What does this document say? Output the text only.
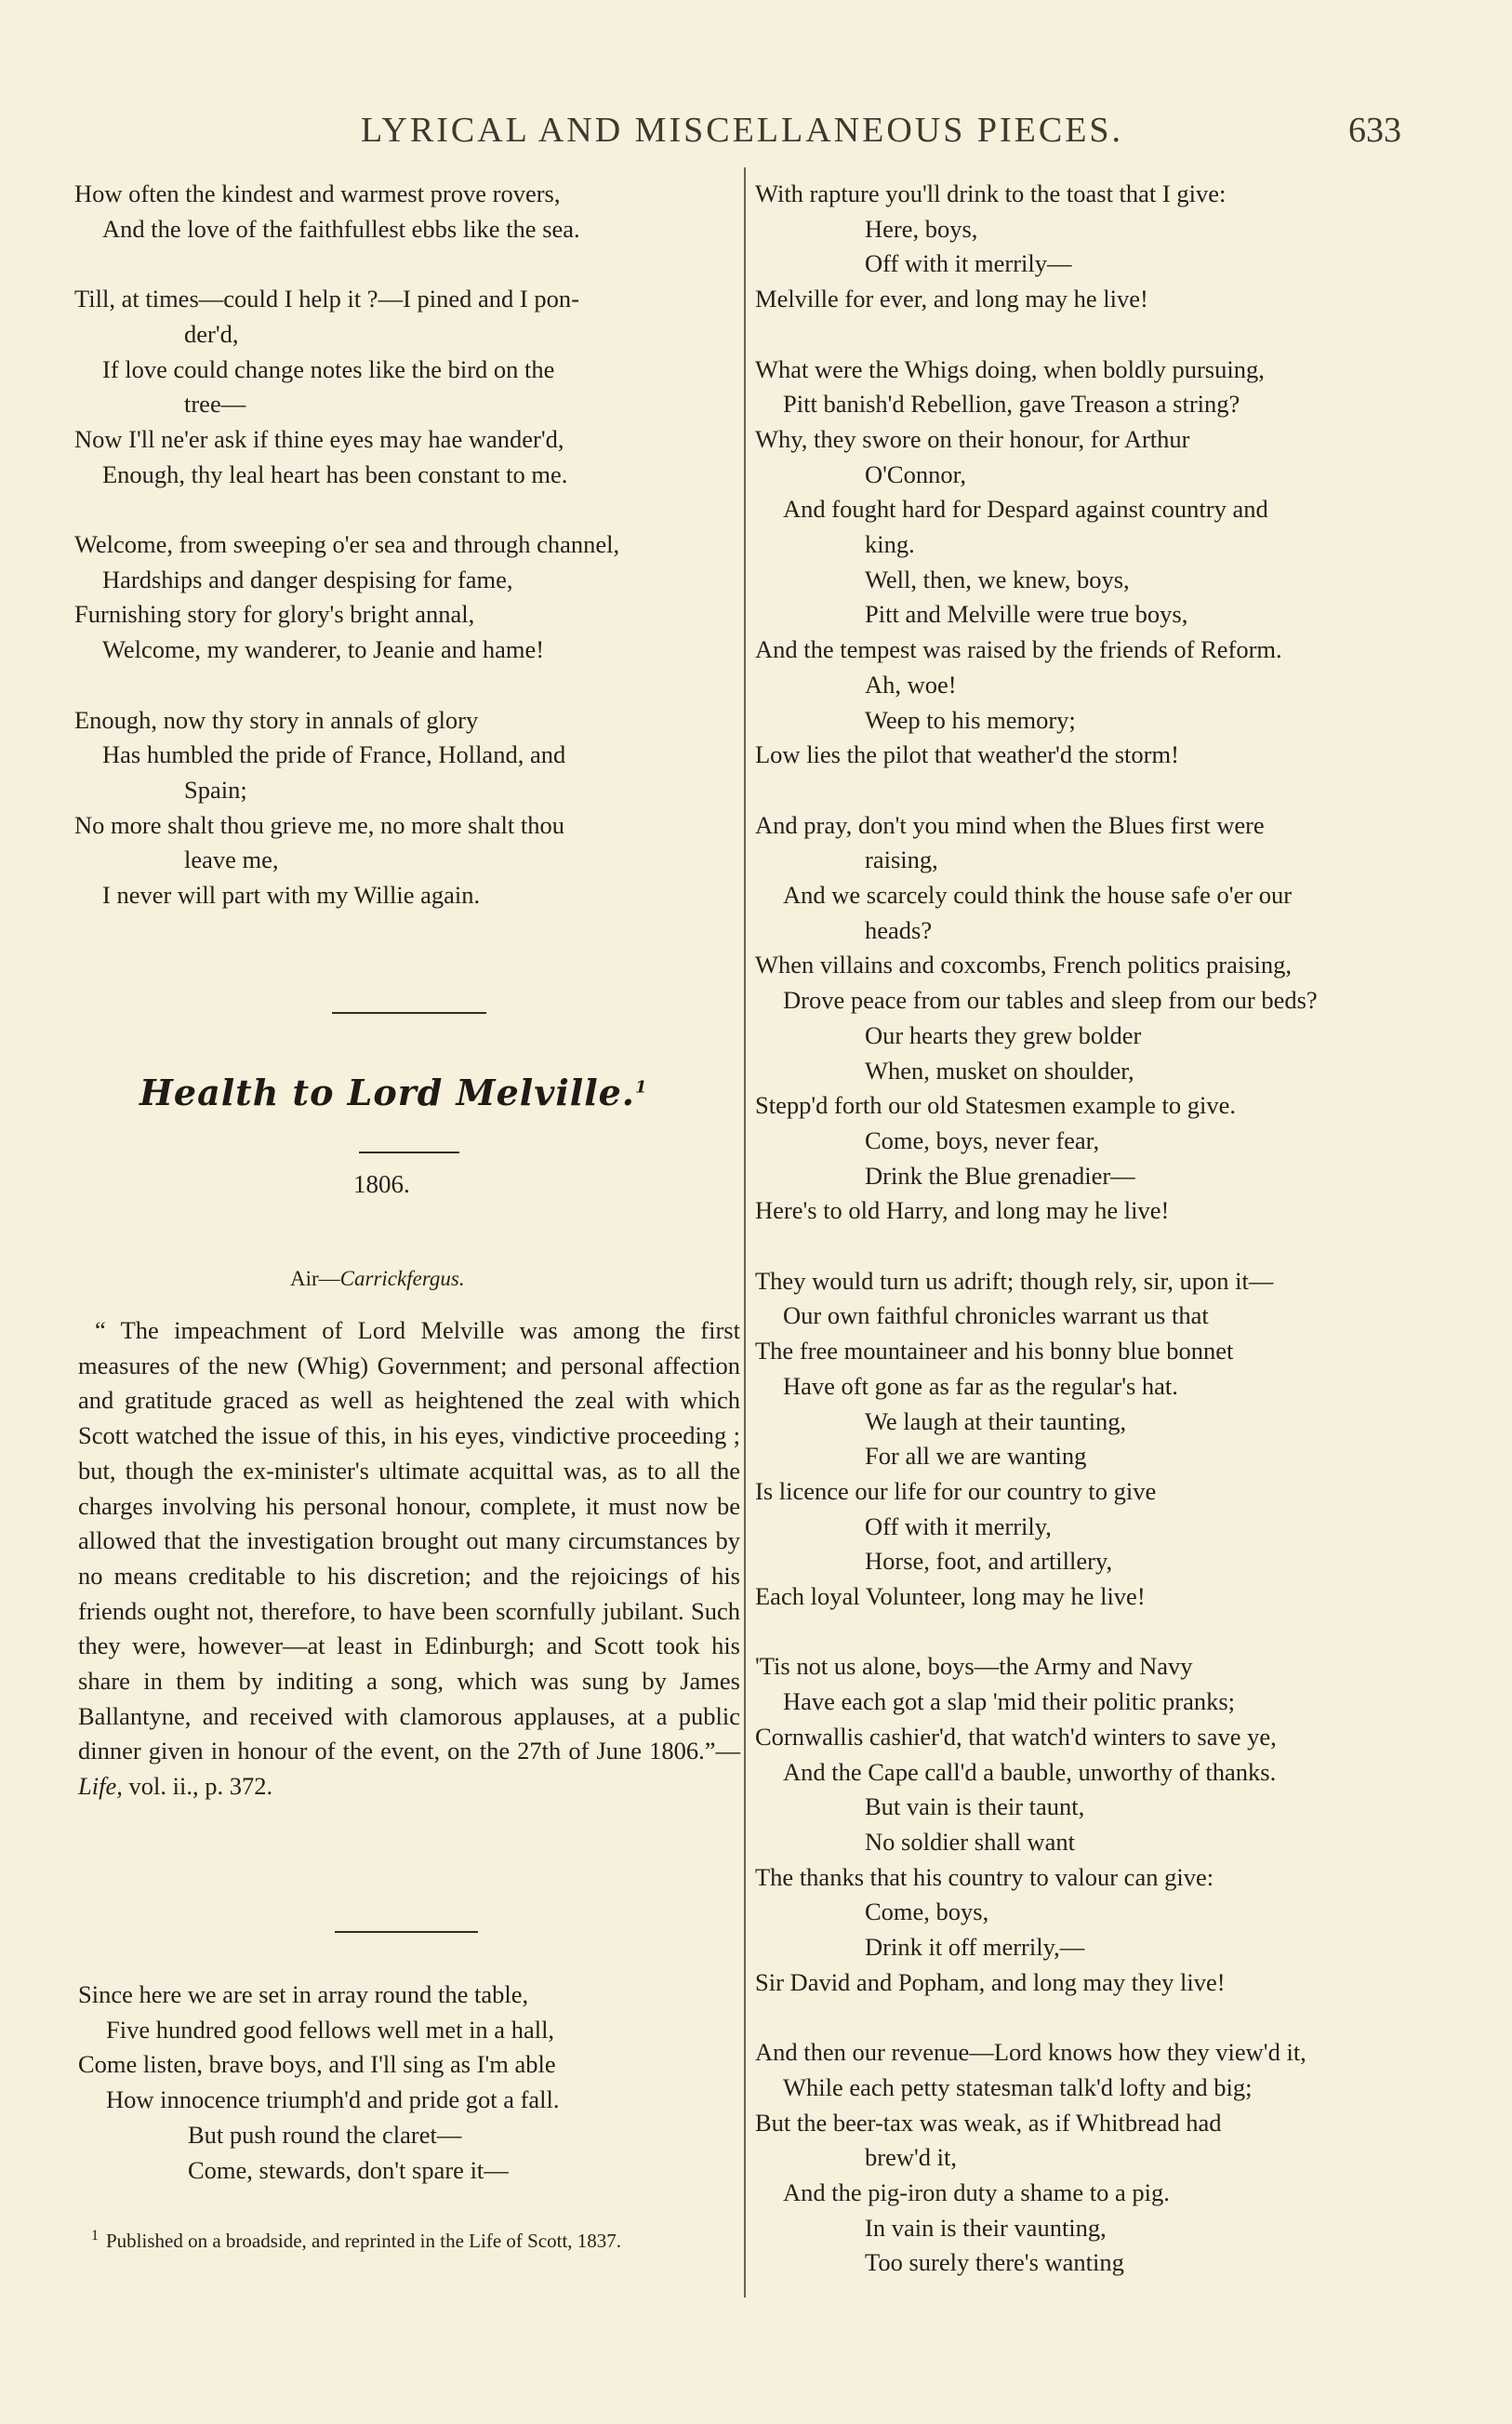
LYRICAL AND MISCELLANEOUS PIECES.	633
How often the kindest and warmest prove rovers,
And the love of the faithfullest ebbs like the sea.
Till, at times—could I help it ?—I pined and I pon-
der'd,
If love could change notes like the bird on the
tree—
Now I'll ne'er ask if thine eyes may hae wander'd,
Enough, thy leal heart has been constant to me.
Welcome, from sweeping o'er sea and through channel,
Hardships and danger despising for fame,
Furnishing story for glory's bright annal,
Welcome, my wanderer, to Jeanie and hame!
Enough, now thy story in annals of glory
Has humbled the pride of France, Holland, and
Spain;
No more shalt thou grieve me, no more shalt thou
leave me,
I never will part with my Willie again.
Health to Lord Melville.$^1$
1806.
Air—Carrickfergus.
“ The impeachment of Lord Melville was among the first measures of the new (Whig) Government; and personal affection and gratitude graced as well as heightened the zeal with which Scott watched the issue of this, in his eyes, vindictive proceeding ; but, though the ex-minister's ultimate acquittal was, as to all the charges involving his personal honour, complete, it must now be allowed that the investigation brought out many circumstances by no means creditable to his discretion; and the rejoicings of his friends ought not, therefore, to have been scornfully jubilant. Such they were, however—at least in Edinburgh; and Scott took his share in them by inditing a song, which was sung by James Ballantyne, and received with clamorous applauses, at a public dinner given in honour of the event, on the 27th of June 1806.”—Life, vol. ii., p. 372.
Since here we are set in array round the table,
Five hundred good fellows well met in a hall,
Come listen, brave boys, and I'll sing as I'm able
How innocence triumph'd and pride got a fall.
But push round the claret—
Come, stewards, don't spare it—
$^1$ Published on a broadside, and reprinted in the Life of Scott, 1837.
With rapture you'll drink to the toast that I give:
Here, boys,
Off with it merrily—
Melville for ever, and long may he live!
What were the Whigs doing, when boldly pursuing,
Pitt banish'd Rebellion, gave Treason a string?
Why, they swore on their honour, for Arthur
O'Connor,
And fought hard for Despard against country and
king.
Well, then, we knew, boys,
Pitt and Melville were true boys,
And the tempest was raised by the friends of Reform.
Ah, woe!
Weep to his memory;
Low lies the pilot that weather'd the storm!
And pray, don't you mind when the Blues first were
raising,
And we scarcely could think the house safe o'er our
heads?
When villains and coxcombs, French politics praising,
Drove peace from our tables and sleep from our beds?
Our hearts they grew bolder
When, musket on shoulder,
Stepp'd forth our old Statesmen example to give.
Come, boys, never fear,
Drink the Blue grenadier—
Here's to old Harry, and long may he live!
They would turn us adrift; though rely, sir, upon it—
Our own faithful chronicles warrant us that
The free mountaineer and his bonny blue bonnet
Have oft gone as far as the regular's hat.
We laugh at their taunting,
For all we are wanting
Is licence our life for our country to give
Off with it merrily,
Horse, foot, and artillery,
Each loyal Volunteer, long may he live!
'Tis not us alone, boys—the Army and Navy
Have each got a slap 'mid their politic pranks;
Cornwallis cashier'd, that watch'd winters to save ye,
And the Cape call'd a bauble, unworthy of thanks.
But vain is their taunt,
No soldier shall want
The thanks that his country to valour can give:
Come, boys,
Drink it off merrily,—
Sir David and Popham, and long may they live!
And then our revenue—Lord knows how they view'd it,
While each petty statesman talk'd lofty and big;
But the beer-tax was weak, as if Whitbread had
brew'd it,
And the pig-iron duty a shame to a pig.
In vain is their vaunting,
Too surely there's wanting
